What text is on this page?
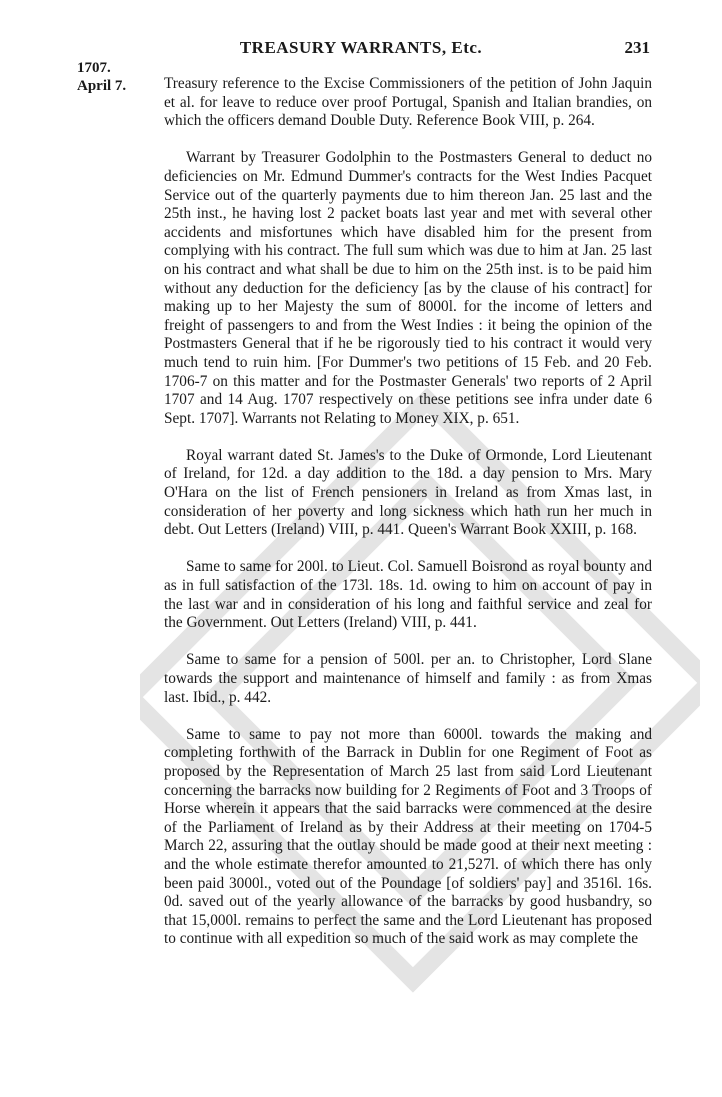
TREASURY WARRANTS, Etc.	231
1707.
April 7. Treasury reference to the Excise Commissioners of the petition of John Jaquin et al. for leave to reduce over proof Portugal, Spanish and Italian brandies, on which the officers demand Double Duty. Reference Book VIII, p. 264.

Warrant by Treasurer Godolphin to the Postmasters General to deduct no deficiencies on Mr. Edmund Dummer's contracts for the West Indies Pacquet Service out of the quarterly payments due to him thereon Jan. 25 last and the 25th inst., he having lost 2 packet boats last year and met with several other accidents and misfortunes which have disabled him for the present from complying with his contract. The full sum which was due to him at Jan. 25 last on his contract and what shall be due to him on the 25th inst. is to be paid him without any deduction for the deficiency [as by the clause of his contract] for making up to her Majesty the sum of 8000l. for the income of letters and freight of passengers to and from the West Indies : it being the opinion of the Postmasters General that if he be rigorously tied to his contract it would very much tend to ruin him. [For Dummer's two petitions of 15 Feb. and 20 Feb. 1706-7 on this matter and for the Postmaster Generals' two reports of 2 April 1707 and 14 Aug. 1707 respectively on these petitions see infra under date 6 Sept. 1707]. Warrants not Relating to Money XIX, p. 651.

Royal warrant dated St. James's to the Duke of Ormonde, Lord Lieutenant of Ireland, for 12d. a day addition to the 18d. a day pension to Mrs. Mary O'Hara on the list of French pensioners in Ireland as from Xmas last, in consideration of her poverty and long sickness which hath run her much in debt. Out Letters (Ireland) VIII, p. 441. Queen's Warrant Book XXIII, p. 168.

Same to same for 200l. to Lieut. Col. Samuell Boisrond as royal bounty and as in full satisfaction of the 173l. 18s. 1d. owing to him on account of pay in the last war and in consideration of his long and faithful service and zeal for the Government. Out Letters (Ireland) VIII, p. 441.

Same to same for a pension of 500l. per an. to Christopher, Lord Slane towards the support and maintenance of himself and family : as from Xmas last. Ibid., p. 442.

Same to same to pay not more than 6000l. towards the making and completing forthwith of the Barrack in Dublin for one Regiment of Foot as proposed by the Representation of March 25 last from said Lord Lieutenant concerning the barracks now building for 2 Regiments of Foot and 3 Troops of Horse wherein it appears that the said barracks were commenced at the desire of the Parliament of Ireland as by their Address at their meeting on 1704-5 March 22, assuring that the outlay should be made good at their next meeting : and the whole estimate therefor amounted to 21,527l. of which there has only been paid 3000l., voted out of the Poundage [of soldiers' pay] and 3516l. 16s. 0d. saved out of the yearly allowance of the barracks by good husbandry, so that 15,000l. remains to perfect the same and the Lord Lieutenant has proposed to continue with all expedition so much of the said work as may complete the
